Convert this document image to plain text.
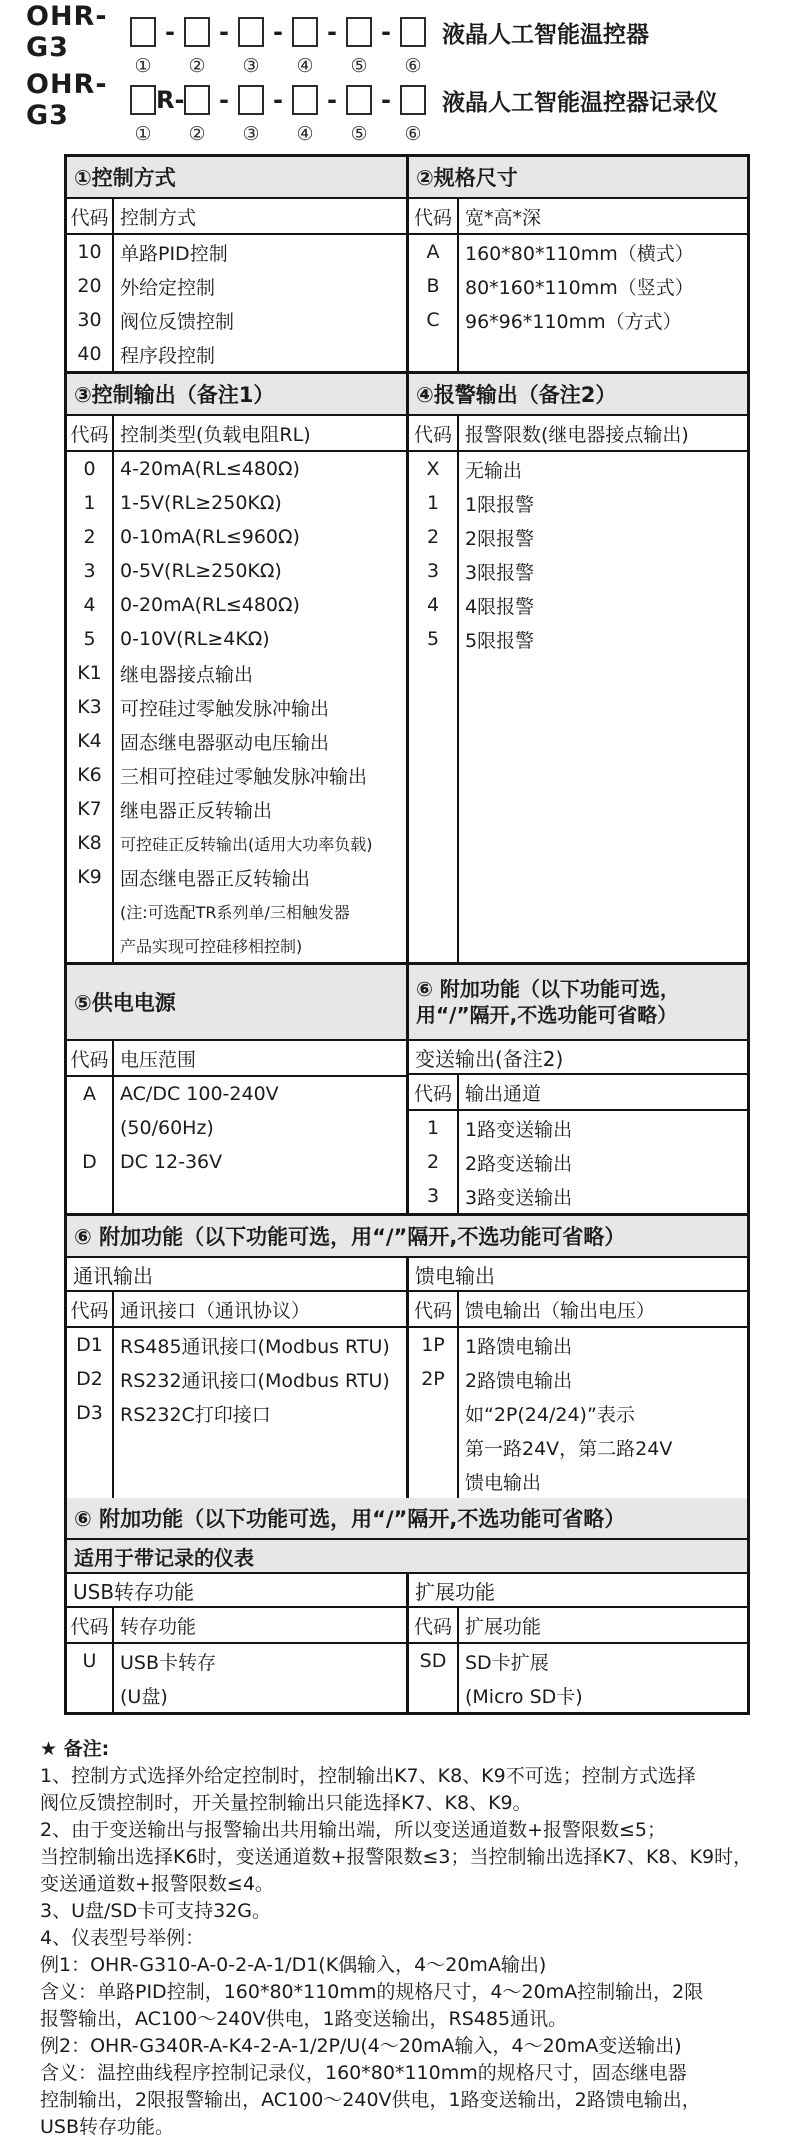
OHR-G3	-	-	-	-	-	液晶人工智能温控器
① ② ③ ④ ⑤ ⑥
OHR-G3	R-	-	-	-	-	液晶人工智能温控器记录仪
① ② ③ ④ ⑤ ⑥
①控制方式
代码 控制方式
10 单路PID控制
20 外给定控制
30 阀位反馈控制
40 程序段控制
②规格尺寸
代码 宽*高*深
A	160*80*110mm（横式）
B	80*160*110mm（竖式）
C	96*96*110mm（方式）
③控制输出（备注1）
代码 控制类型(负载电阻RL)
0	4-20mA(RL≤480Ω)
1	1-5V(RL≥250KΩ)
2	0-10mA(RL≤960Ω)
3	0-5V(RL≥250KΩ)
4	0-20mA(RL≤480Ω)
5	0-10V(RL≥4KΩ)
K1 继电器接点输出
K3 可控硅过零触发脉冲输出
K4 固态继电器驱动电压输出
K6 三相可控硅过零触发脉冲输出
K7 继电器正反转输出
K8	可控硅正反转输出(适用大功率负载)
K9 固态继电器正反转输出
(注:可选配TR系列单/三相触发器
产品实现可控硅移相控制)
④报警输出（备注2）
代码 报警限数(继电器接点输出)
X	无输出
1	1限报警
2	2限报警
3	3限报警
4	4限报警
5	5限报警
⑤供电电源
代码 电压范围
A	AC/DC 100-240V
(50/60Hz)
D	DC 12-36V
⑥ 附加功能（以下功能可选，
用“/”隔开,不选功能可省略）
变送输出(备注2)
代码 输出通道
1	1路变送输出
2	2路变送输出
3	3路变送输出
⑥ 附加功能（以下功能可选，用“/”隔开,不选功能可省略）
通讯输出
代码 通讯接口（通讯协议）
D1 RS485通讯接口(Modbus RTU)
D2 RS232通讯接口(Modbus RTU)
D3 RS232C打印接口
馈电输出
代码 馈电输出（输出电压）
1P	1路馈电输出
2P	2路馈电输出
如“2P(24/24)”表示
第一路24V，第二路24V
馈电输出
⑥ 附加功能（以下功能可选，用“/”隔开,不选功能可省略）
适用于带记录的仪表
USB转存功能
代码 转存功能
U	USB卡转存
(U盘)
扩展功能
代码 扩展功能
SD SD卡扩展
(Micro SD卡)
★ 备注:
1、控制方式选择外给定控制时，控制输出K7、K8、K9不可选；控制方式选择
阀位反馈控制时，开关量控制输出只能选择K7、K8、K9。
2、由于变送输出与报警输出共用输出端，所以变送通道数+报警限数≤5；
当控制输出选择K6时，变送通道数+报警限数≤3；当控制输出选择K7、K8、K9时，
变送通道数+报警限数≤4。
3、U盘/SD卡可支持32G。
4、仪表型号举例：
例1：OHR-G310-A-0-2-A-1/D1(K偶输入，4～20mA输出)
含义：单路PID控制，160*80*110mm的规格尺寸，4～20mA控制输出，2限
报警输出，AC100～240V供电，1路变送输出，RS485通讯。
例2：OHR-G340R-A-K4-2-A-1/2P/U(4～20mA输入，4～20mA变送输出)
含义：温控曲线程序控制记录仪，160*80*110mm的规格尺寸，固态继电器
控制输出，2限报警输出，AC100～240V供电，1路变送输出，2路馈电输出，
USB转存功能。
